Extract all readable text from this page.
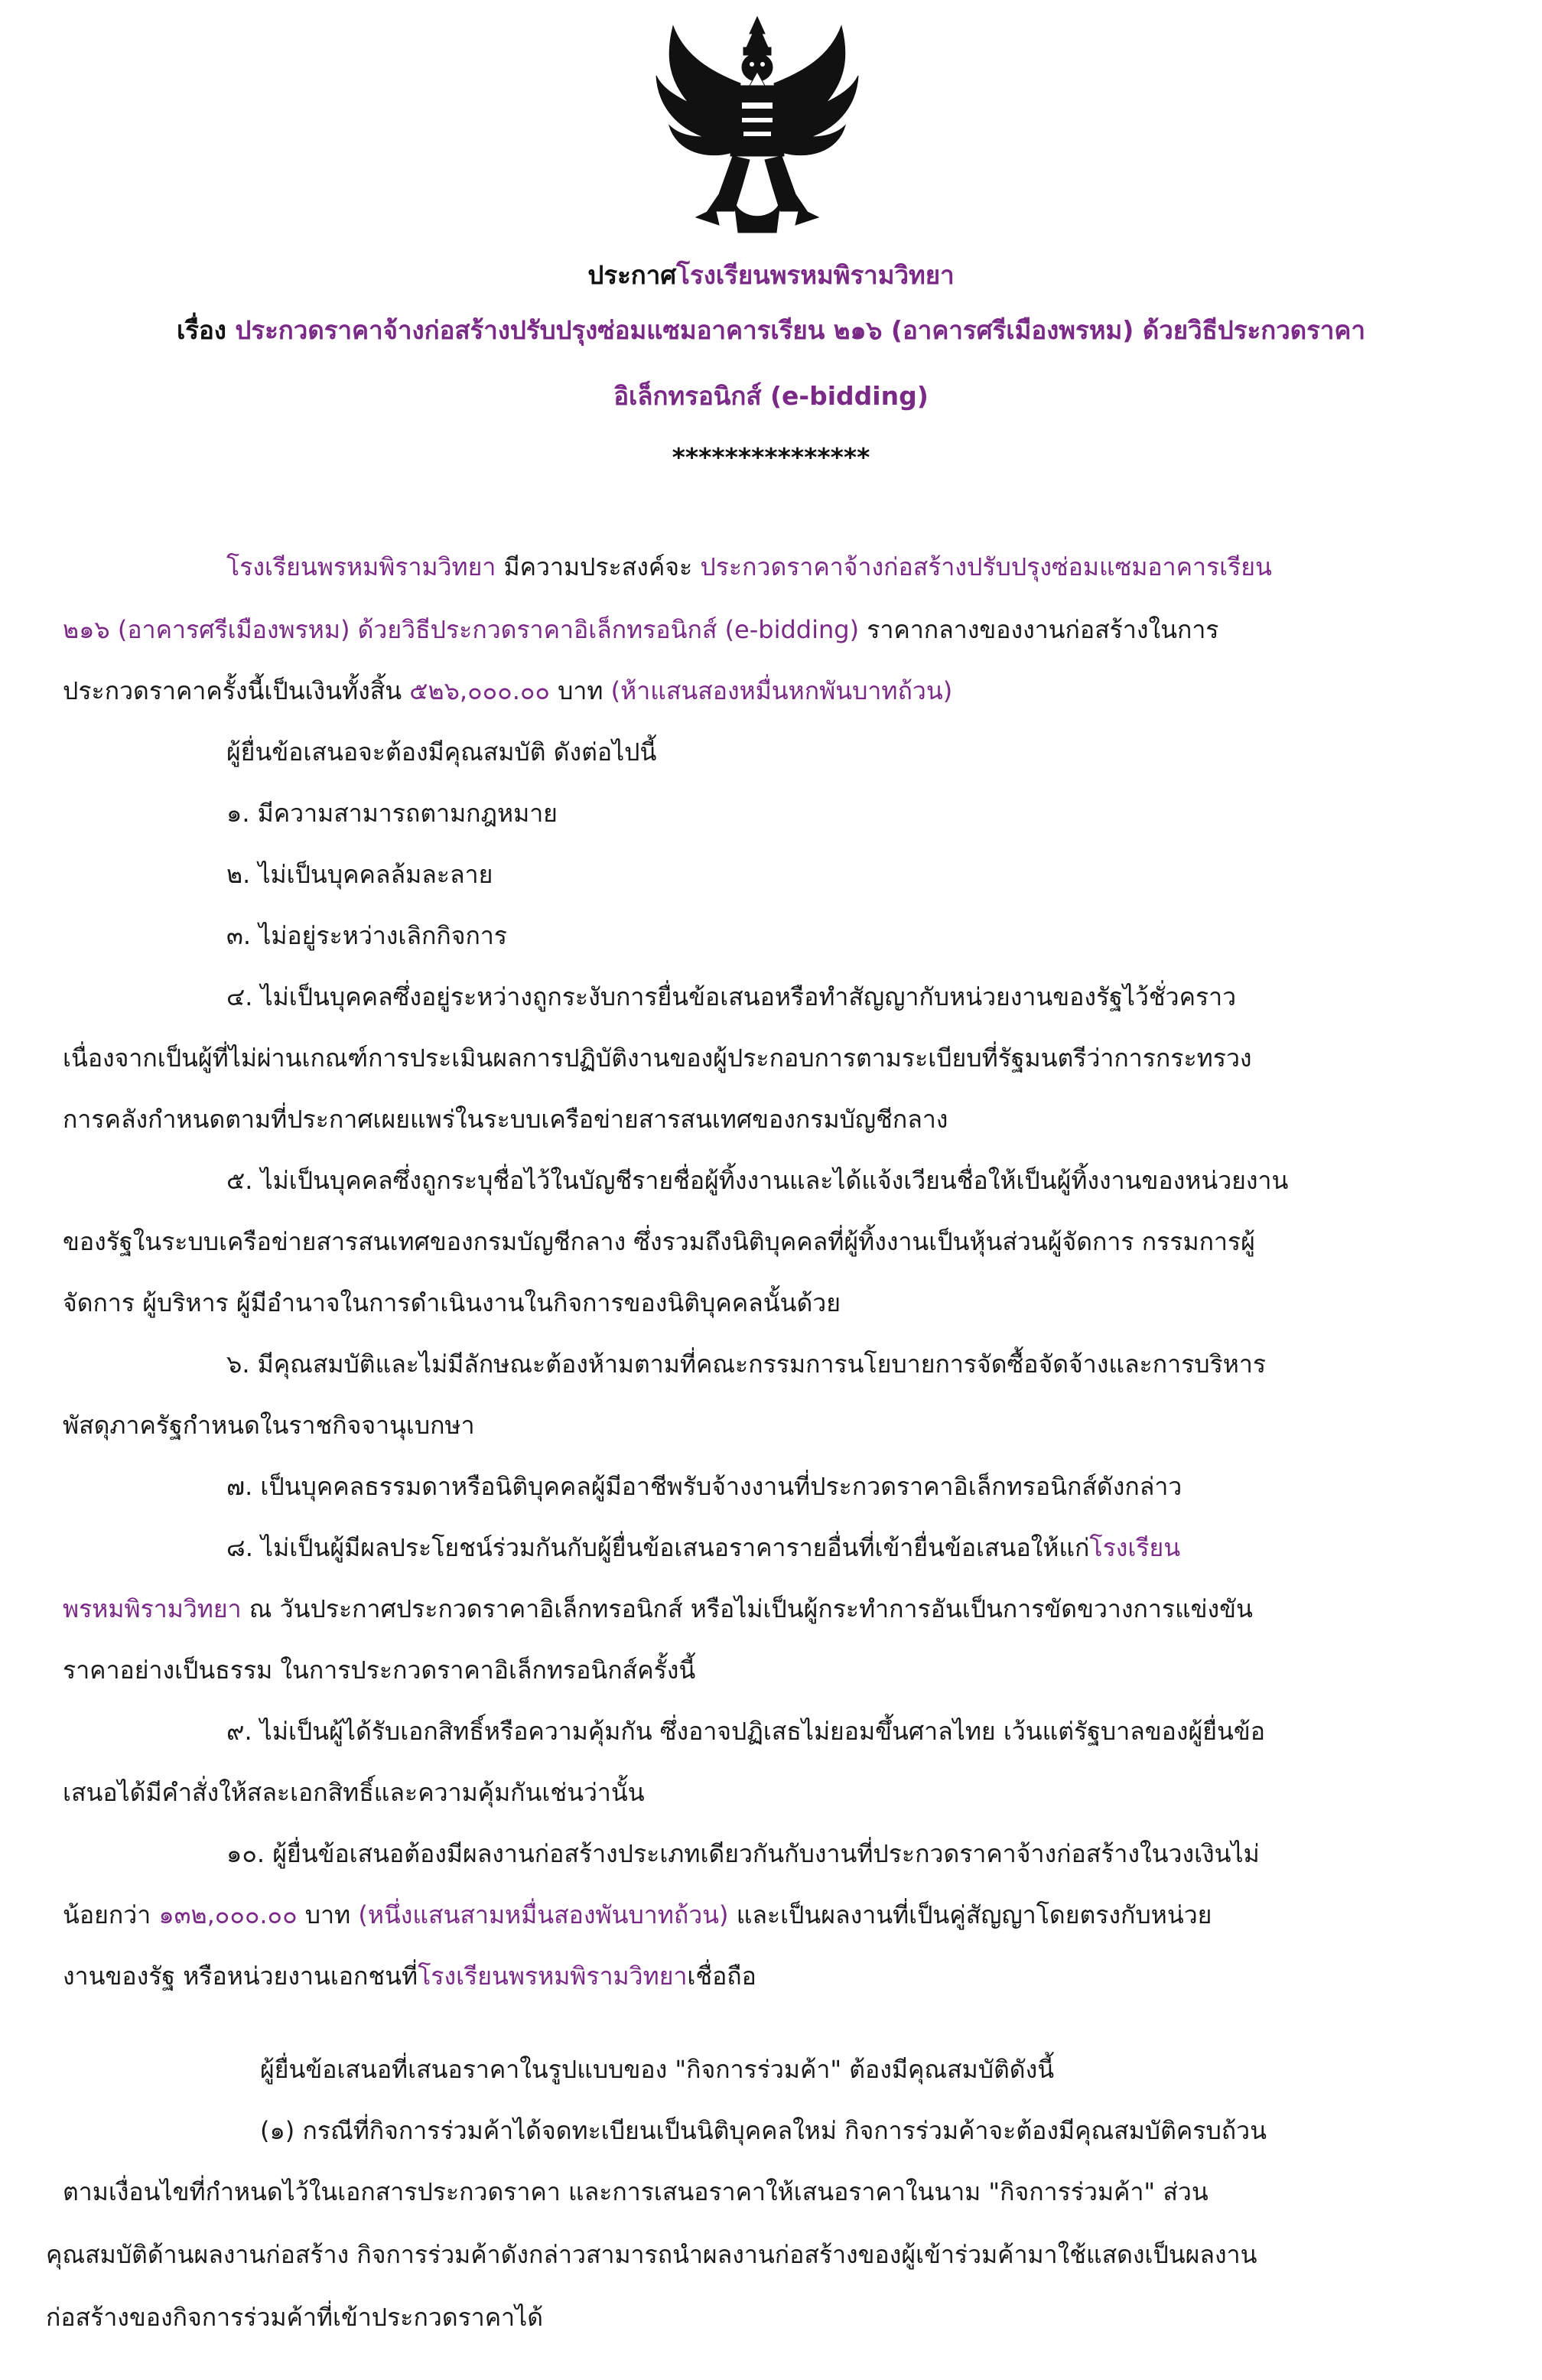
ประกาศโรงเรียนพรหมพิรามวิทยา
เรื่อง ประกวดราคาจ้างก่อสร้างปรับปรุงซ่อมแซมอาคารเรียน ๒๑๖ (อาคารศรีเมืองพรหม) ด้วยวิธีประกวดราคา
อิเล็กทรอนิกส์ (e-bidding)
***************
โรงเรียนพรหมพิรามวิทยา มีความประสงค์จะ ประกวดราคาจ้างก่อสร้างปรับปรุงซ่อมแซมอาคารเรียน
๒๑๖ (อาคารศรีเมืองพรหม) ด้วยวิธีประกวดราคาอิเล็กทรอนิกส์ (e-bidding) ราคากลางของงานก่อสร้างในการ
ประกวดราคาครั้งนี้เป็นเงินทั้งสิ้น ๕๒๖,๐๐๐.๐๐ บาท (ห้าแสนสองหมื่นหกพันบาทถ้วน)
ผู้ยื่นข้อเสนอจะต้องมีคุณสมบัติ ดังต่อไปนี้
๑. มีความสามารถตามกฎหมาย
๒. ไม่เป็นบุคคลล้มละลาย
๓. ไม่อยู่ระหว่างเลิกกิจการ
๔. ไม่เป็นบุคคลซึ่งอยู่ระหว่างถูกระงับการยื่นข้อเสนอหรือทำสัญญากับหน่วยงานของรัฐไว้ชั่วคราว
เนื่องจากเป็นผู้ที่ไม่ผ่านเกณฑ์การประเมินผลการปฏิบัติงานของผู้ประกอบการตามระเบียบที่รัฐมนตรีว่าการกระทรวง
การคลังกำหนดตามที่ประกาศเผยแพร่ในระบบเครือข่ายสารสนเทศของกรมบัญชีกลาง
๕. ไม่เป็นบุคคลซึ่งถูกระบุชื่อไว้ในบัญชีรายชื่อผู้ทิ้งงานและได้แจ้งเวียนชื่อให้เป็นผู้ทิ้งงานของหน่วยงาน
ของรัฐในระบบเครือข่ายสารสนเทศของกรมบัญชีกลาง ซึ่งรวมถึงนิติบุคคลที่ผู้ทิ้งงานเป็นหุ้นส่วนผู้จัดการ กรรมการผู้
จัดการ ผู้บริหาร ผู้มีอำนาจในการดำเนินงานในกิจการของนิติบุคคลนั้นด้วย
๖. มีคุณสมบัติและไม่มีลักษณะต้องห้ามตามที่คณะกรรมการนโยบายการจัดซื้อจัดจ้างและการบริหาร
พัสดุภาครัฐกำหนดในราชกิจจานุเบกษา
๗. เป็นบุคคลธรรมดาหรือนิติบุคคลผู้มีอาชีพรับจ้างงานที่ประกวดราคาอิเล็กทรอนิกส์ดังกล่าว
๘. ไม่เป็นผู้มีผลประโยชน์ร่วมกันกับผู้ยื่นข้อเสนอราคารายอื่นที่เข้ายื่นข้อเสนอให้แก่โรงเรียน
พรหมพิรามวิทยา ณ วันประกาศประกวดราคาอิเล็กทรอนิกส์ หรือไม่เป็นผู้กระทำการอันเป็นการขัดขวางการแข่งขัน
ราคาอย่างเป็นธรรม ในการประกวดราคาอิเล็กทรอนิกส์ครั้งนี้
๙. ไม่เป็นผู้ได้รับเอกสิทธิ์หรือความคุ้มกัน ซึ่งอาจปฏิเสธไม่ยอมขึ้นศาลไทย เว้นแต่รัฐบาลของผู้ยื่นข้อ
เสนอได้มีคำสั่งให้สละเอกสิทธิ์และความคุ้มกันเช่นว่านั้น
๑๐. ผู้ยื่นข้อเสนอต้องมีผลงานก่อสร้างประเภทเดียวกันกับงานที่ประกวดราคาจ้างก่อสร้างในวงเงินไม่
น้อยกว่า ๑๓๒,๐๐๐.๐๐ บาท (หนึ่งแสนสามหมื่นสองพันบาทถ้วน) และเป็นผลงานที่เป็นคู่สัญญาโดยตรงกับหน่วย
งานของรัฐ หรือหน่วยงานเอกชนที่โรงเรียนพรหมพิรามวิทยาเชื่อถือ
ผู้ยื่นข้อเสนอที่เสนอราคาในรูปแบบของ "กิจการร่วมค้า" ต้องมีคุณสมบัติดังนี้
(๑) กรณีที่กิจการร่วมค้าได้จดทะเบียนเป็นนิติบุคคลใหม่ กิจการร่วมค้าจะต้องมีคุณสมบัติครบถ้วน
ตามเงื่อนไขที่กำหนดไว้ในเอกสารประกวดราคา และการเสนอราคาให้เสนอราคาในนาม "กิจการร่วมค้า" ส่วน
คุณสมบัติด้านผลงานก่อสร้าง กิจการร่วมค้าดังกล่าวสามารถนำผลงานก่อสร้างของผู้เข้าร่วมค้ามาใช้แสดงเป็นผลงาน
ก่อสร้างของกิจการร่วมค้าที่เข้าประกวดราคาได้
